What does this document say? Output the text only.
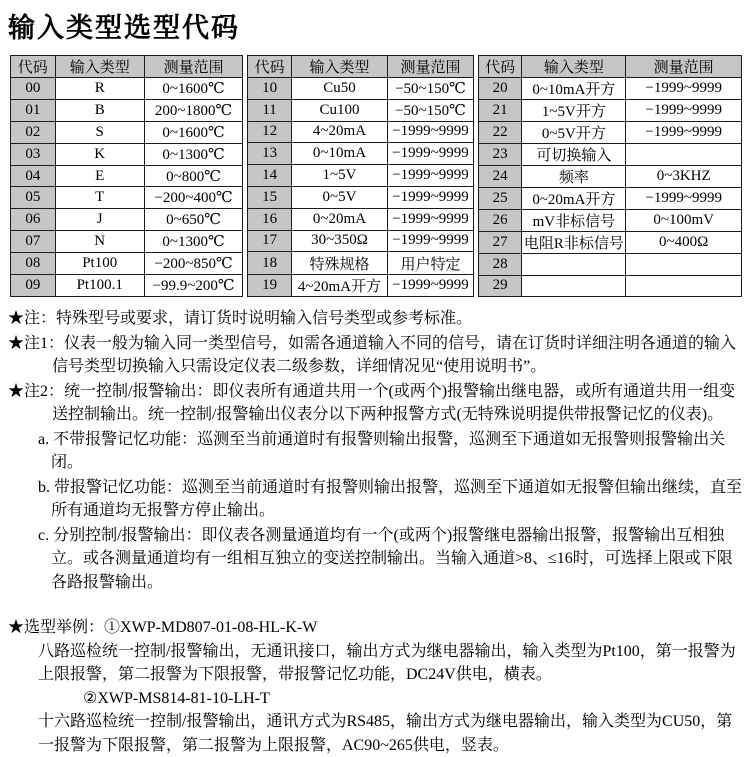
输入类型选型代码
代码	输入类型	测量范围
00	R	0~1600℃
01	B	200~1800℃
02	S	0~1600℃
03	K	0~1300℃
04	E	0~800℃
05	T	−200~400℃
06	J	0~650℃
07	N	0~1300℃
08	Pt100	−200~850℃
09	Pt100.1	−99.9~200℃
代码	输入类型	测量范围
10	Cu50	−50~150℃
11	Cu100	−50~150℃
12	4~20mA	−1999~9999
13	0~10mA	−1999~9999
14	1~5V	−1999~9999
15	0~5V	−1999~9999
16	0~20mA	−1999~9999
17	30~350Ω	−1999~9999
18	特殊规格	用户特定
19	4~20mA开方	−1999~9999
代码	输入类型	测量范围
20	0~10mA开方	−1999~9999
21	1~5V开方	−1999~9999
22	0~5V开方	−1999~9999
23	可切换输入	
24	频率	0~3KHZ
25	0~20mA开方	−1999~9999
26	mV非标信号	0~100mV
27	电阻R非标信号	0~400Ω
28		
29		

★注：特殊型号或要求，请订货时说明输入信号类型或参考标准。

★注1：仪表一般为输入同一类型信号，如需各通道输入不同的信号，请在订货时详细注明各通道的输入信号类型切换输入只需设定仪表二级参数，详细情况见“使用说明书”。

★注2：统一控制/报警输出：即仪表所有通道共用一个(或两个)报警输出继电器，或所有通道共用一组变送控制输出。统一控制/报警输出仪表分以下两种报警方式(无特殊说明提供带报警记忆的仪表)。

a. 不带报警记忆功能：巡测至当前通道时有报警则输出报警，巡测至下通道如无报警则报警输出关闭。

b. 带报警记忆功能：巡测至当前通道时有报警则输出报警，巡测至下通道如无报警但输出继续，直至所有通道均无报警方停止输出。

c. 分别控制/报警输出：即仪表各测量通道均有一个(或两个)报警继电器输出报警，报警输出互相独立。或各测量通道均有一组相互独立的变送控制输出。当输入通道>8、≤16时，可选择上限或下限各路报警输出。

★选型举例：①XWP-MD807-01-08-HL-K-W

八路巡检统一控制/报警输出，无通讯接口，输出方式为继电器输出，输入类型为Pt100，第一报警为上限报警，第二报警为下限报警，带报警记忆功能，DC24V供电，横表。

②XWP-MS814-81-10-LH-T

十六路巡检统一控制/报警输出，通讯方式为RS485，输出方式为继电器输出，输入类型为CU50，第一报警为下限报警，第二报警为上限报警，AC90~265供电，竖表。
